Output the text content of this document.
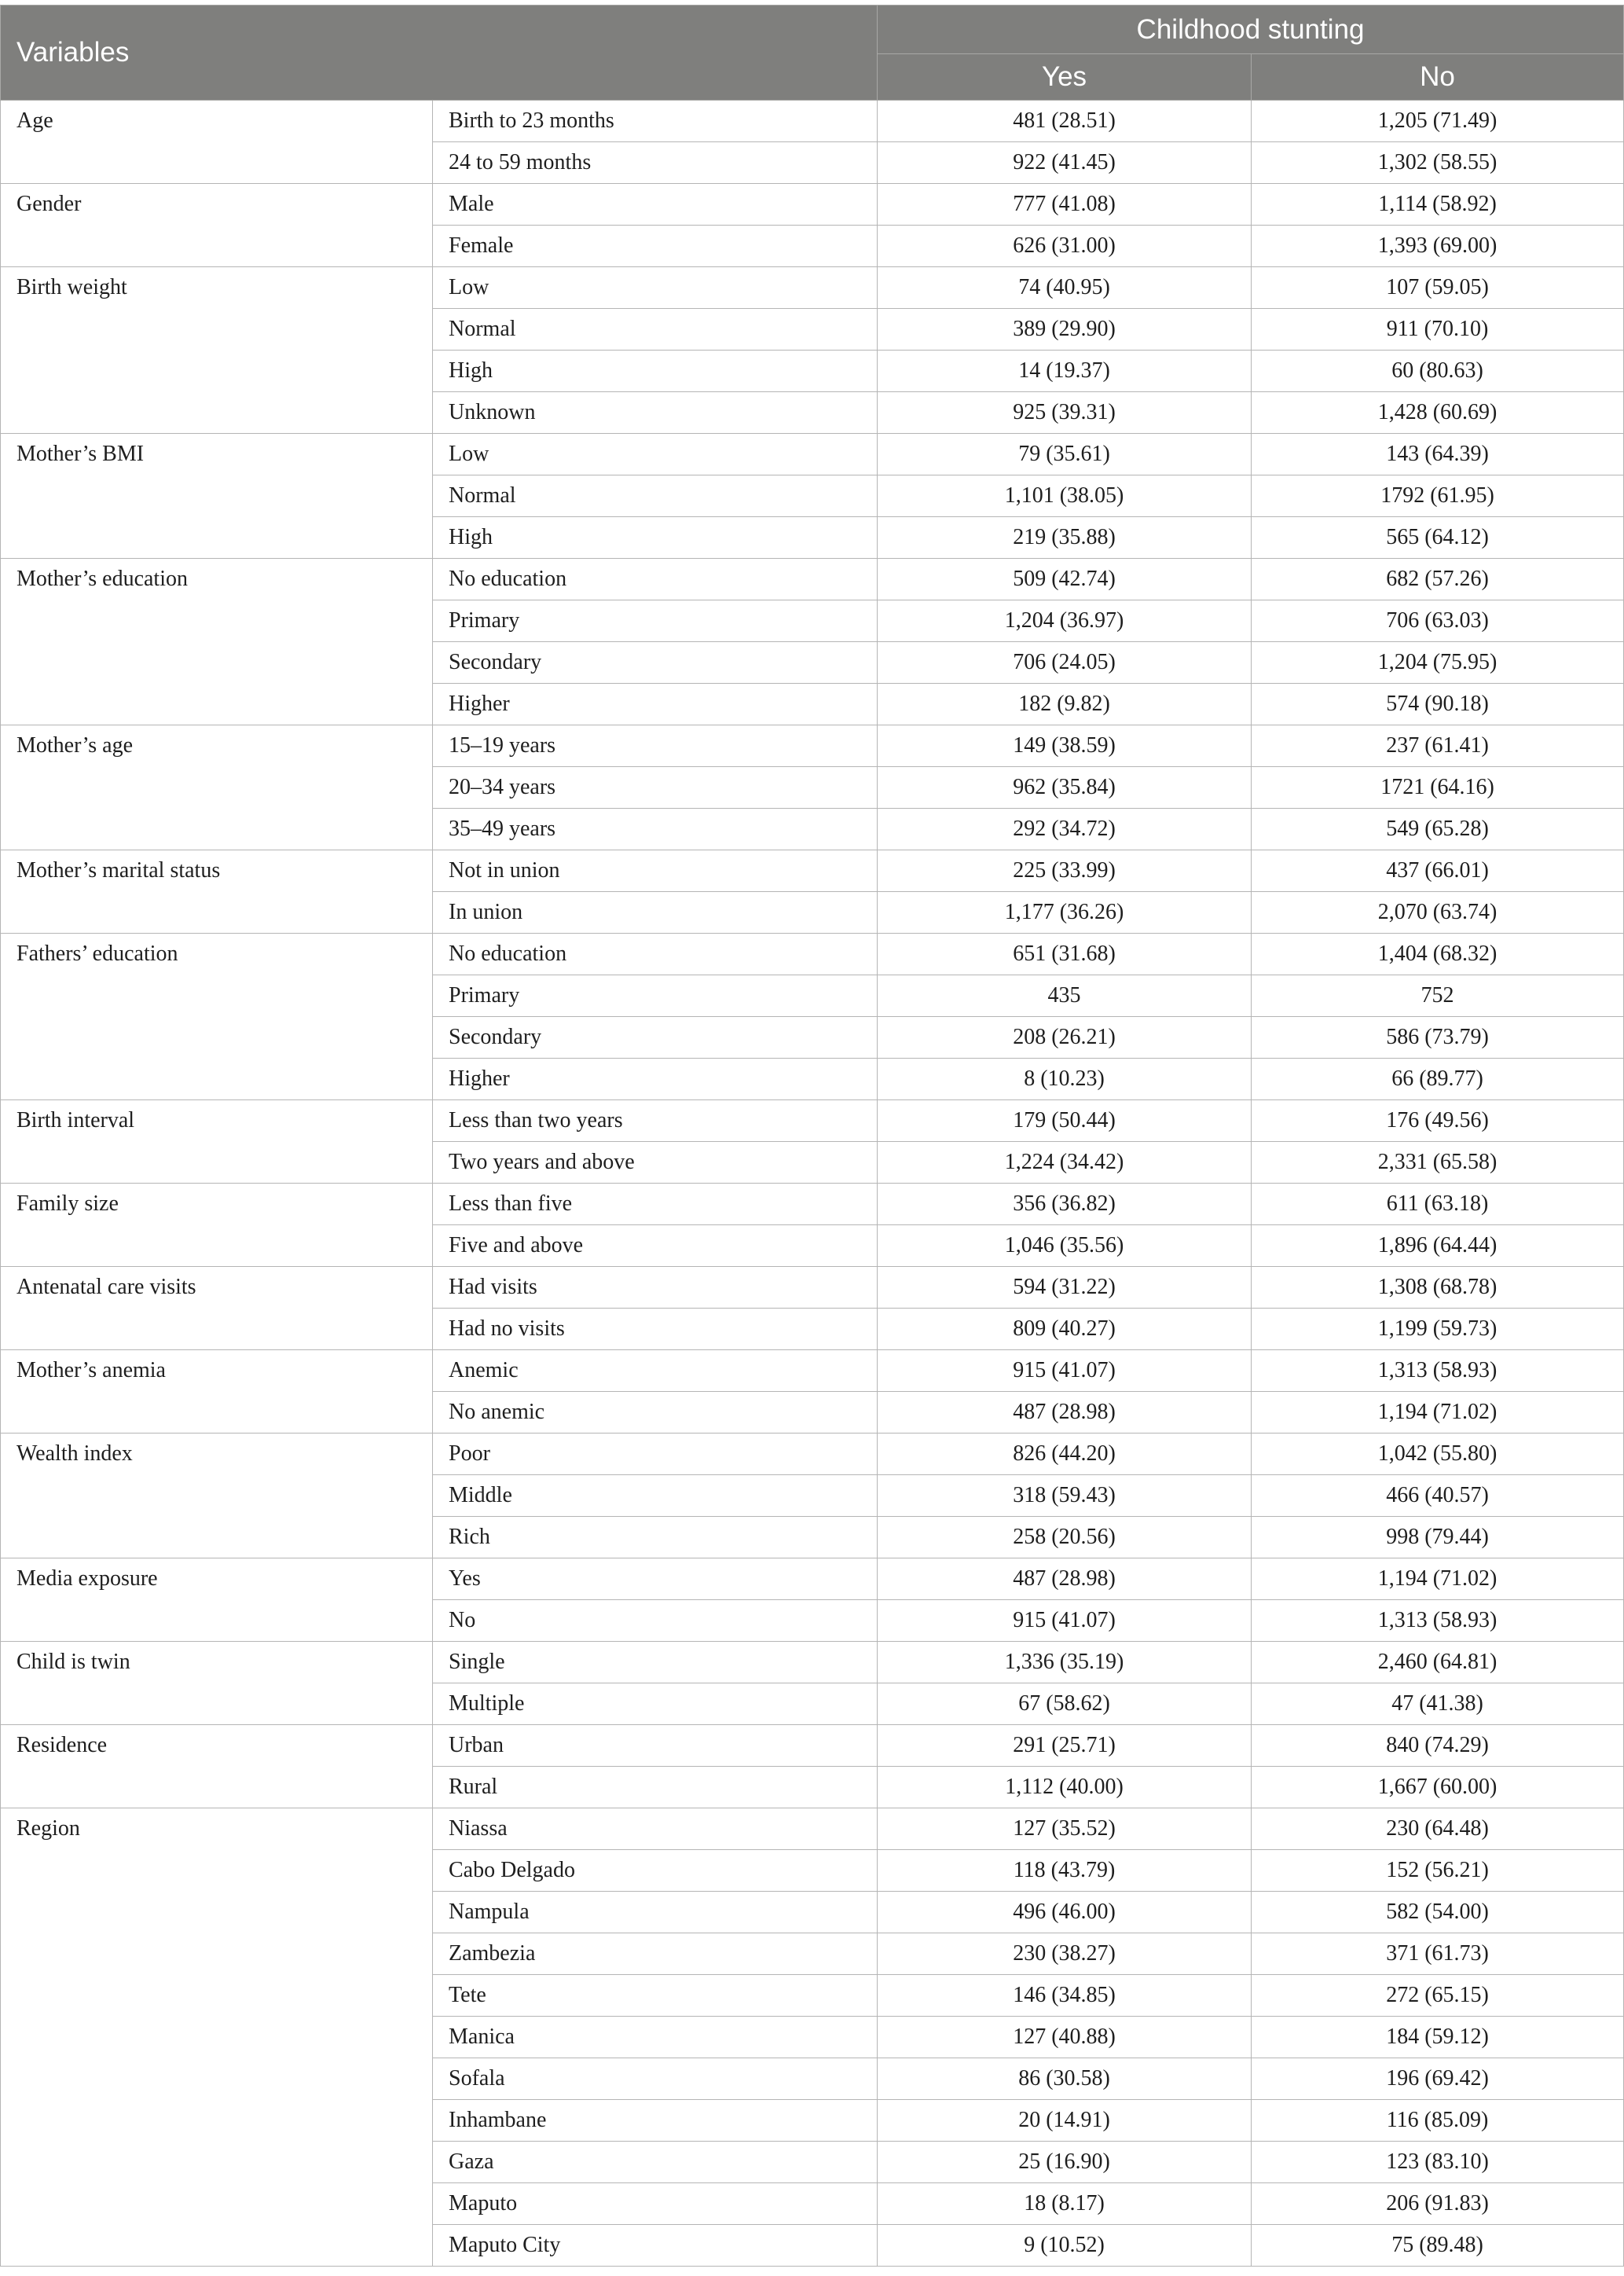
Variables		Childhood stunting	
		Yes	No
Age	Birth to 23 months	481 (28.51)	1,205 (71.49)
	24 to 59 months	922 (41.45)	1,302 (58.55)
Gender	Male	777 (41.08)	1,114 (58.92)
	Female	626 (31.00)	1,393 (69.00)
Birth weight	Low	74 (40.95)	107 (59.05)
	Normal	389 (29.90)	911 (70.10)
	High	14 (19.37)	60 (80.63)
	Unknown	925 (39.31)	1,428 (60.69)
Mother’s BMI	Low	79 (35.61)	143 (64.39)
	Normal	1,101 (38.05)	1792 (61.95)
	High	219 (35.88)	565 (64.12)
Mother’s education	No education	509 (42.74)	682 (57.26)
	Primary	1,204 (36.97)	706 (63.03)
	Secondary	706 (24.05)	1,204 (75.95)
	Higher	182 (9.82)	574 (90.18)
Mother’s age	15–19 years	149 (38.59)	237 (61.41)
	20–34 years	962 (35.84)	1721 (64.16)
	35–49 years	292 (34.72)	549 (65.28)
Mother’s marital status	Not in union	225 (33.99)	437 (66.01)
	In union	1,177 (36.26)	2,070 (63.74)
Fathers’ education	No education	651 (31.68)	1,404 (68.32)
	Primary	435	752
	Secondary	208 (26.21)	586 (73.79)
	Higher	8 (10.23)	66 (89.77)
Birth interval	Less than two years	179 (50.44)	176 (49.56)
	Two years and above	1,224 (34.42)	2,331 (65.58)
Family size	Less than five	356 (36.82)	611 (63.18)
	Five and above	1,046 (35.56)	1,896 (64.44)
Antenatal care visits	Had visits	594 (31.22)	1,308 (68.78)
	Had no visits	809 (40.27)	1,199 (59.73)
Mother’s anemia	Anemic	915 (41.07)	1,313 (58.93)
	No anemic	487 (28.98)	1,194 (71.02)
Wealth index	Poor	826 (44.20)	1,042 (55.80)
	Middle	318 (59.43)	466 (40.57)
	Rich	258 (20.56)	998 (79.44)
Media exposure	Yes	487 (28.98)	1,194 (71.02)
	No	915 (41.07)	1,313 (58.93)
Child is twin	Single	1,336 (35.19)	2,460 (64.81)
	Multiple	67 (58.62)	47 (41.38)
Residence	Urban	291 (25.71)	840 (74.29)
	Rural	1,112 (40.00)	1,667 (60.00)
Region	Niassa	127 (35.52)	230 (64.48)
	Cabo Delgado	118 (43.79)	152 (56.21)
	Nampula	496 (46.00)	582 (54.00)
	Zambezia	230 (38.27)	371 (61.73)
	Tete	146 (34.85)	272 (65.15)
	Manica	127 (40.88)	184 (59.12)
	Sofala	86 (30.58)	196 (69.42)
	Inhambane	20 (14.91)	116 (85.09)
	Gaza	25 (16.90)	123 (83.10)
	Maputo	18 (8.17)	206 (91.83)
	Maputo City	9 (10.52)	75 (89.48)
